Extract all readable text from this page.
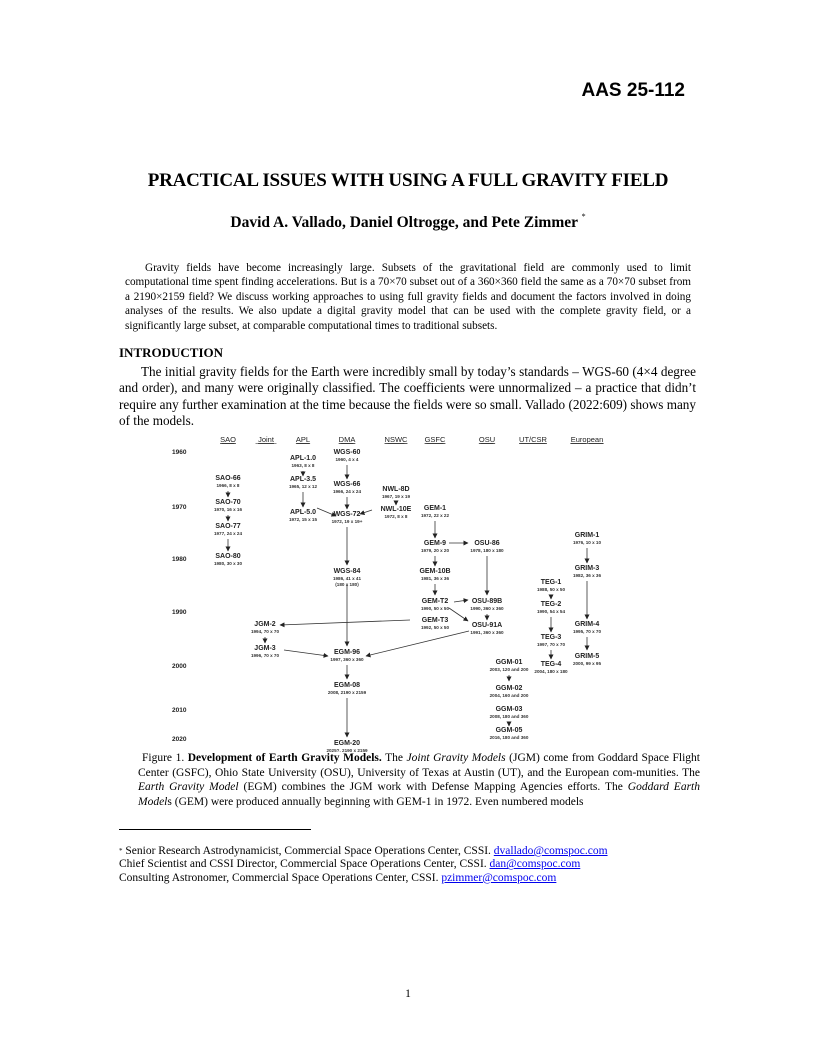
AAS 25-112
PRACTICAL ISSUES WITH USING A FULL GRAVITY FIELD
David A. Vallado, Daniel Oltrogge, and Pete Zimmer *
Gravity fields have become increasingly large. Subsets of the gravitational field are commonly used to limit computational time spent finding accelerations. But is a 70×70 subset out of a 360×360 field the same as a 70×70 subset from a 2190×2159 field? We discuss working approaches to using full gravity fields and document the factors involved in doing analyses of the results. We also update a digital gravity model that can be used with the complete gravity field, or a significantly large subset, at comparable computational times to traditional subsets.
INTRODUCTION
The initial gravity fields for the Earth were incredibly small by today’s standards – WGS-60 (4×4 degree and order), and many were originally classified. The coefficients were unnormalized – a practice that didn’t require any further examination at the time because the fields were so small. Vallado (2022:609) shows many of the models.
SAO	Joint	APL	DMA	NSWC GSFC	OSU	UT/CSR	European
1960
1970
1980
1990
2000
2010
2020
APL-1.0
1963, 8 x 8
WGS-60
1960, 4 x 4
SAO-66
1966, 8 x 8
APL-3.5
1965, 12 x 12 WGS-66
1966, 24 x 24	NWL-8D
1967, 19 x 19
SAO-70
1970, 16 x 16	APL-5.0
1972, 15 x 15
WGS-72
1972, 19 x 19+
NWL-10E
1972, 8 x 8
GEM-1
1972, 22 x 22
SAO-77
1977, 24 x 24
SAO-80
1980, 30 x 30
GEM-9
1979, 20 x 20
OSU-86
1978, 180 x 180
GRIM-1
1976, 10 x 10
WGS-84
1986, 41 x 41
(180 x 180)
GEM-10B
1981, 36 x 36
GRIM-3
1982, 36 x 36
TEG-1
1988, 50 x 50
GEM-T2
1990, 50 x 50
OSU-89B
1990, 360 x 360
TEG-2
1990, 54 x 54
GEM-T3
1992, 50 x 50	OSU-91A
1991, 360 x 360
GRIM-4
1995, 70 x 70
JGM-2
1994, 70 x 70
TEG-3
1997, 70 x 70
JGM-3
1996, 70 x 70	EGM-96
1997, 360 x 360	GRIM-5
2000, 99 x 95
GGM-01
2003, 120 and 200
TEG-4
2004, 180 x 180
EGM-08
2008, 2190 x 2159
GGM-02
2004, 160 and 200
GGM-03
2008, 180 and 360
GGM-05
2016, 180 and 360
EGM-20
2025?, 2190 x 2159
Figure 1. Development of Earth Gravity Models. The Joint Gravity Models (JGM) come from Goddard Space Flight Center (GSFC), Ohio State University (OSU), University of Texas at Austin (UT), and the European com-munities. The Earth Gravity Model (EGM) combines the JGM work with Defense Mapping Agencies efforts. The Goddard Earth Models (GEM) were produced annually beginning with GEM-1 in 1972. Even numbered models
* Senior Research Astrodynamicist, Commercial Space Operations Center, CSSI. dvallado@comspoc.com
Chief Scientist and CSSI Director, Commercial Space Operations Center, CSSI. dan@comspoc.com
Consulting Astronomer, Commercial Space Operations Center, CSSI. pzimmer@comspoc.com
1
